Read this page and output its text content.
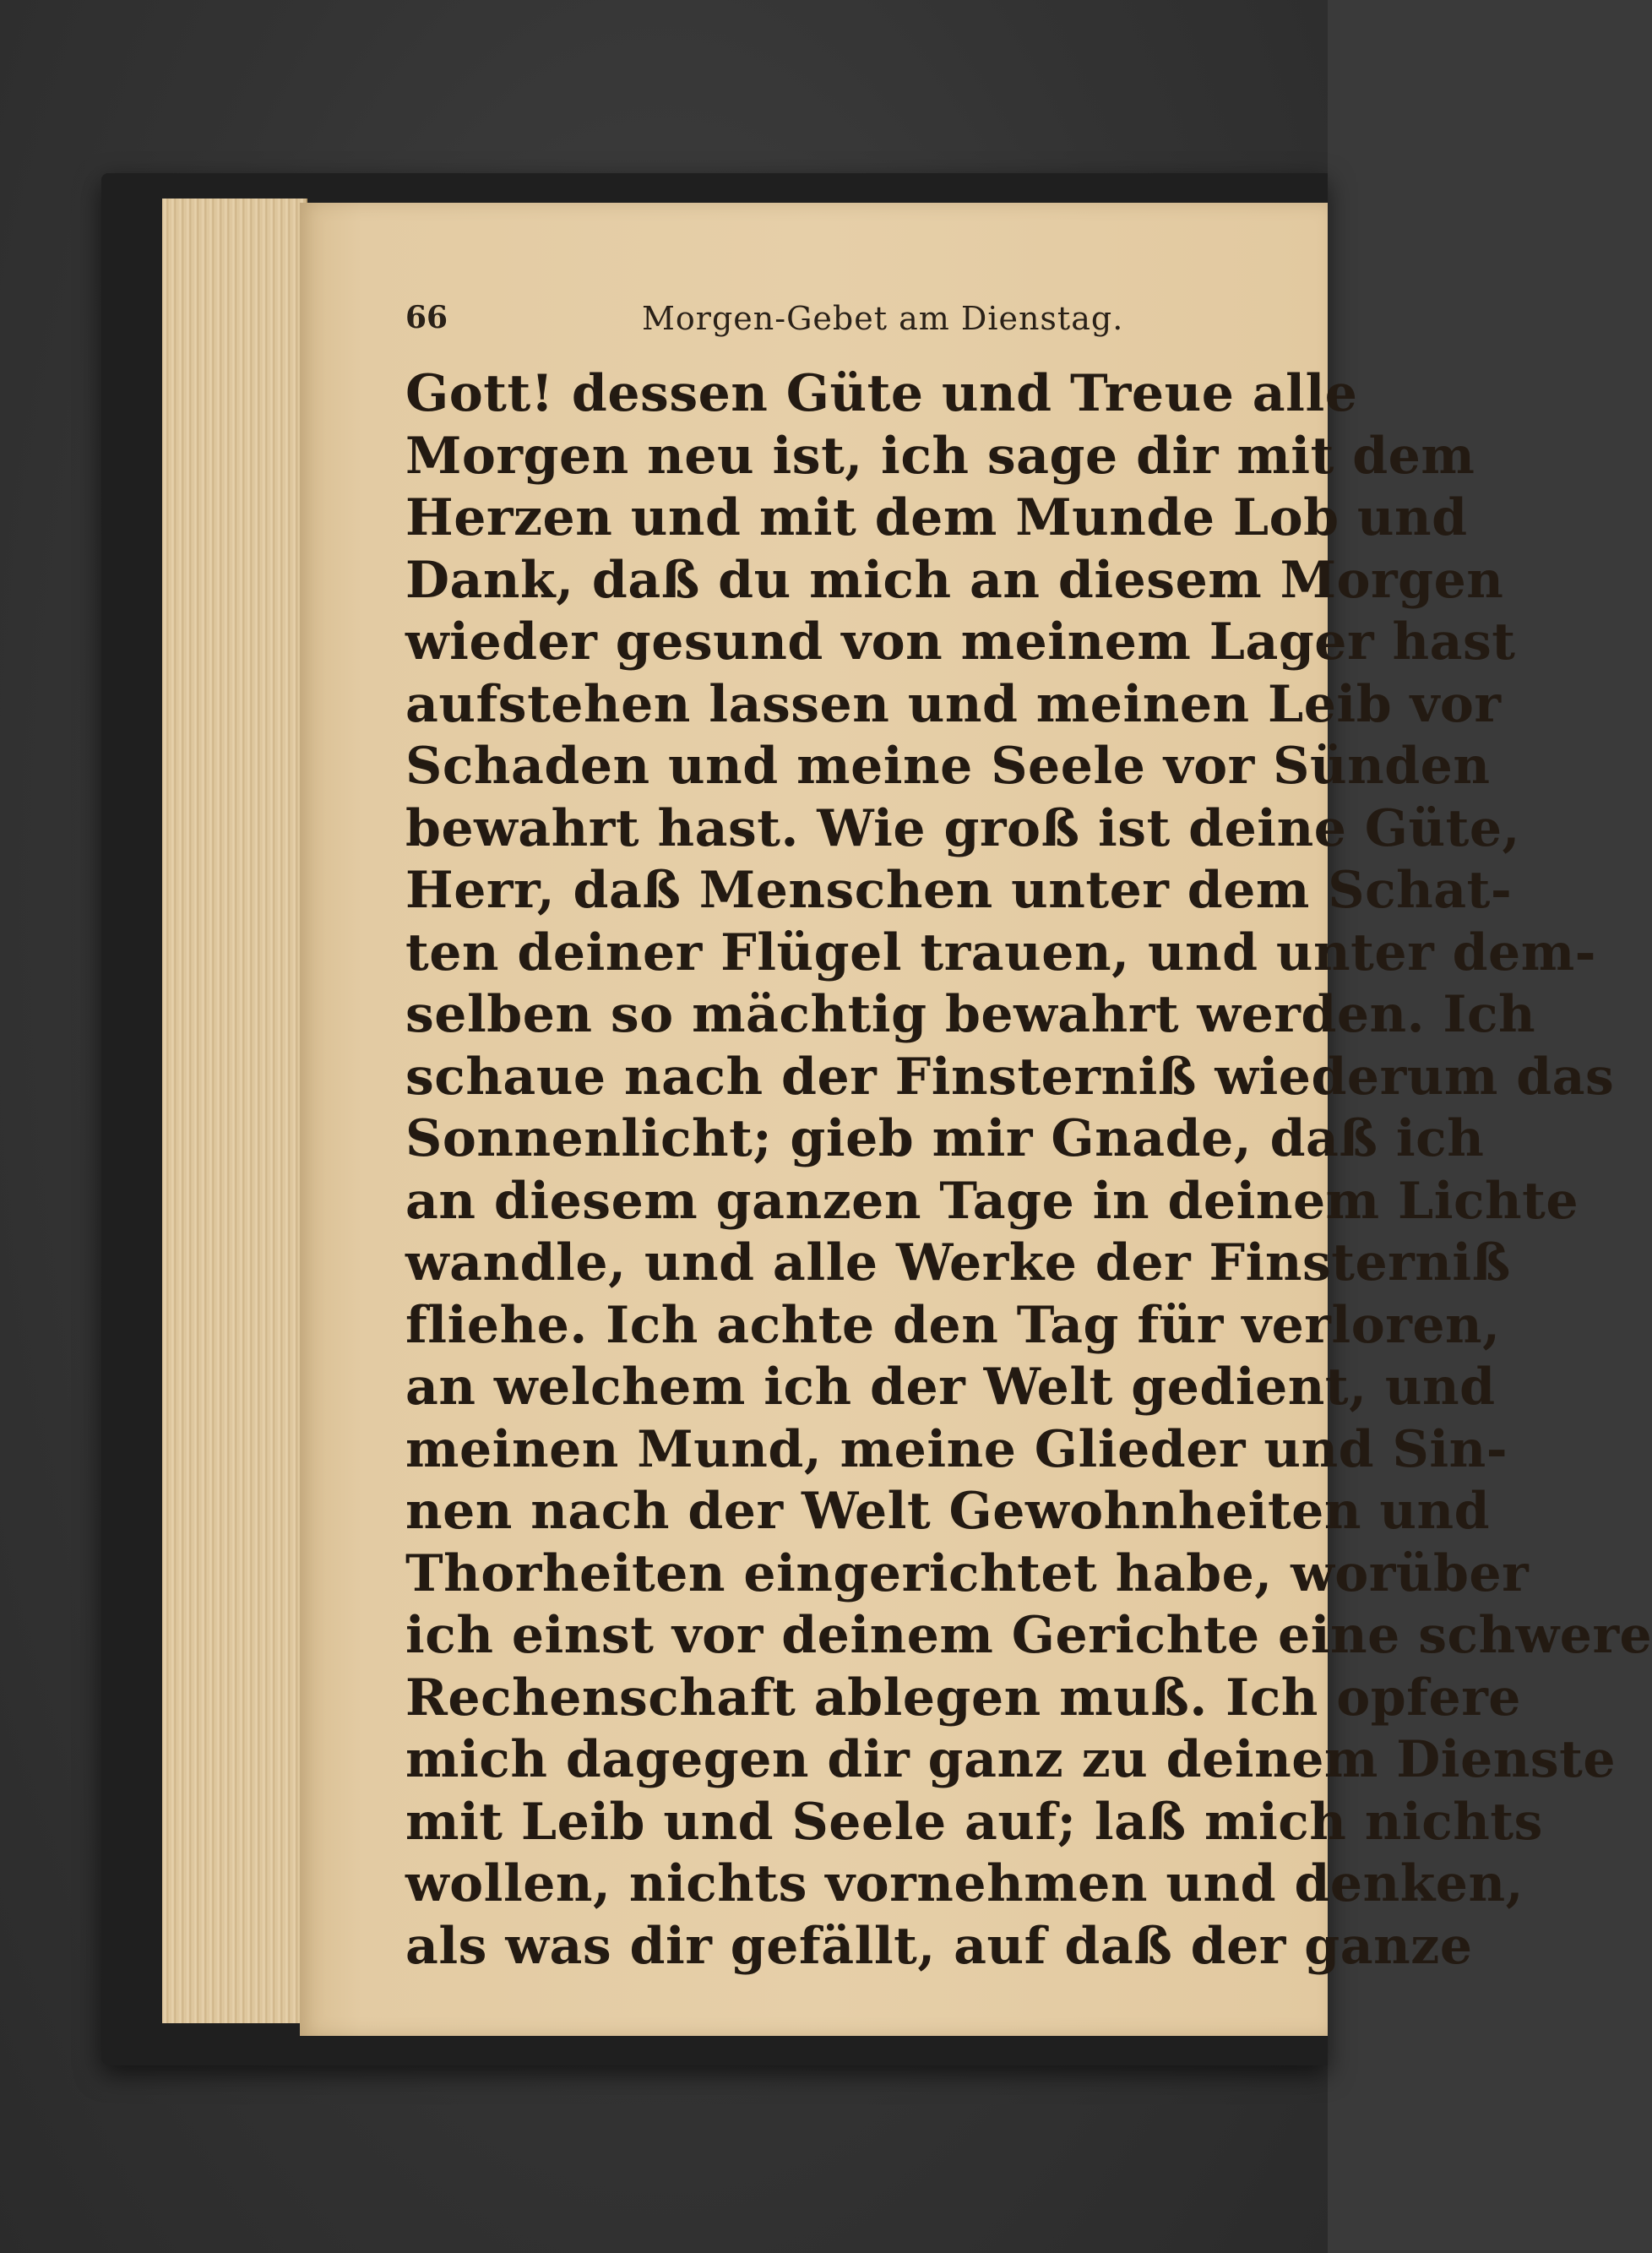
66	Morgen-Gebet am Dienstag.
Gott! dessen Güte und Treue alle
Morgen neu ist, ich sage dir mit dem
Herzen und mit dem Munde Lob und
Dank, daß du mich an diesem Morgen
wieder gesund von meinem Lager hast
aufstehen lassen und meinen Leib vor
Schaden und meine Seele vor Sünden
bewahrt hast. Wie groß ist deine Güte,
Herr, daß Menschen unter dem Schat-
ten deiner Flügel trauen, und unter dem-
selben so mächtig bewahrt werden. Ich
schaue nach der Finsterniß wiederum das
Sonnenlicht; gieb mir Gnade, daß ich
an diesem ganzen Tage in deinem Lichte
wandle, und alle Werke der Finsterniß
fliehe. Ich achte den Tag für verloren,
an welchem ich der Welt gedient, und
meinen Mund, meine Glieder und Sin-
nen nach der Welt Gewohnheiten und
Thorheiten eingerichtet habe, worüber
ich einst vor deinem Gerichte eine schwere
Rechenschaft ablegen muß. Ich opfere
mich dagegen dir ganz zu deinem Dienste
mit Leib und Seele auf; laß mich nichts
wollen, nichts vornehmen und denken,
als was dir gefällt, auf daß der ganze
